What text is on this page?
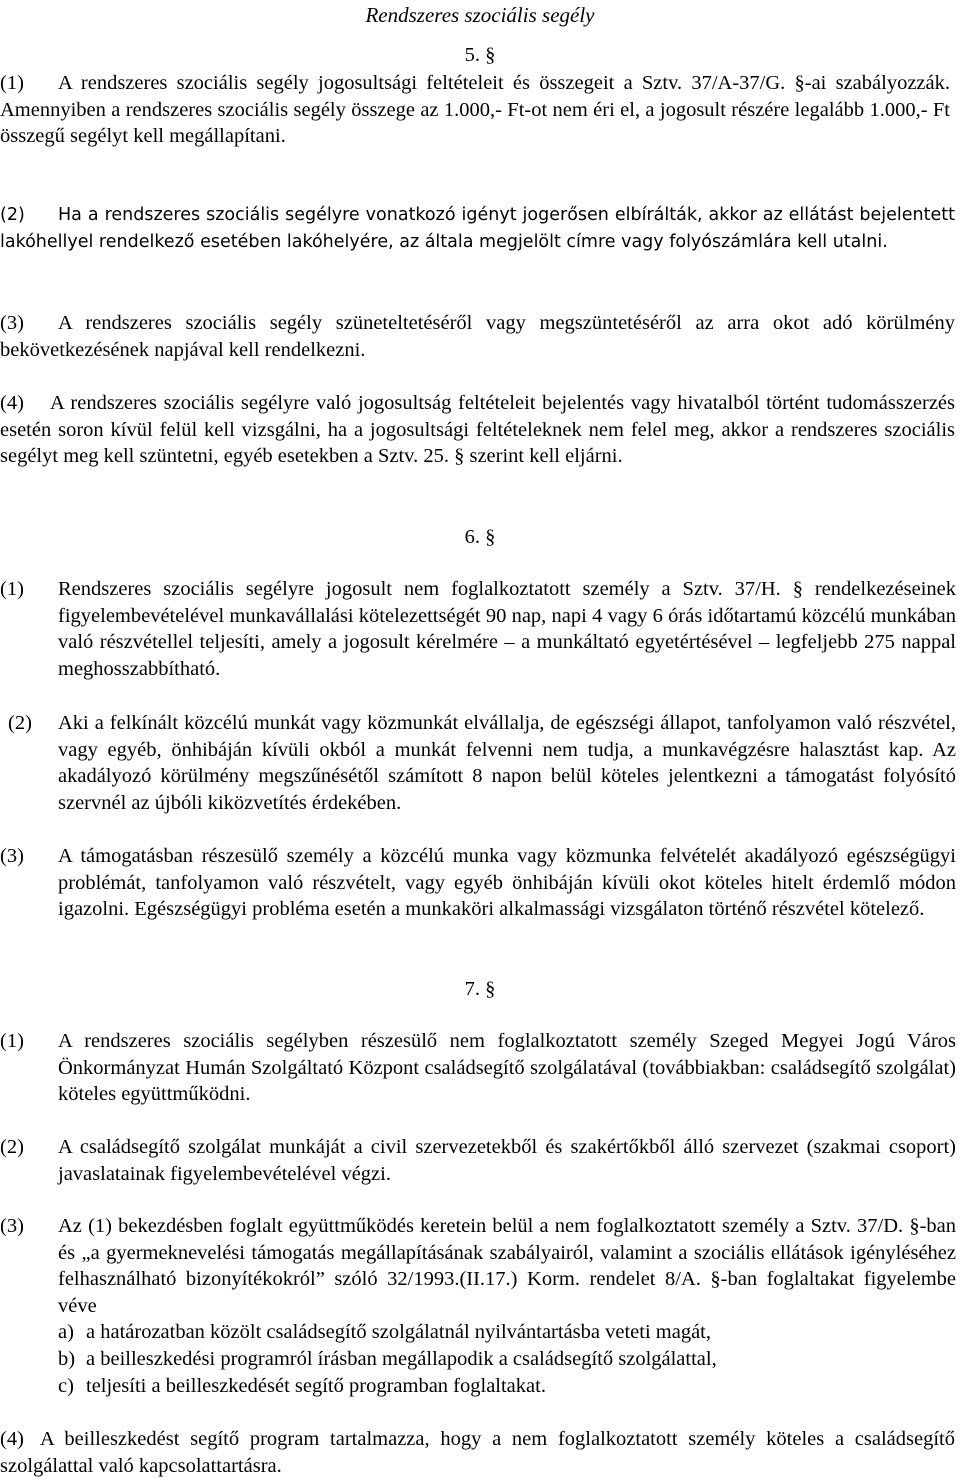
Rendszeres szociális segély
5. §
(1)	A rendszeres szociális segély jogosultsági feltételeit és összegeit a Sztv. 37/A-37/G. §-ai szabályozzák. Amennyiben a rendszeres szociális segély összege az 1.000,- Ft-ot nem éri el, a jogosult részére legalább 1.000,- Ft összegű segélyt kell megállapítani.
(2)	Ha a rendszeres szociális segélyre vonatkozó igényt jogerősen elbírálták, akkor az ellátást bejelentett lakóhellyel rendelkező esetében lakóhelyére, az általa megjelölt címre vagy folyószámlára kell utalni.
(3)	A rendszeres szociális segély szüneteltetéséről vagy megszüntetéséről az arra okot adó körülmény bekövetkezésének napjával kell rendelkezni.
(4)	A rendszeres szociális segélyre való jogosultság feltételeit bejelentés vagy hivatalból történt tudomásszerzés esetén soron kívül felül kell vizsgálni, ha a jogosultsági feltételeknek nem felel meg, akkor a rendszeres szociális segélyt meg kell szüntetni, egyéb esetekben a Sztv. 25. § szerint kell eljárni.
6. §
(1) Rendszeres szociális segélyre jogosult nem foglalkoztatott személy a Sztv. 37/H. § rendelkezéseinek figyelembevételével munkavállalási kötelezettségét 90 nap, napi 4 vagy 6 órás időtartamú közcélú munkában való részvétellel teljesíti, amely a jogosult kérelmére – a munkáltató egyetértésével – legfeljebb 275 nappal meghosszabbítható.
(2) Aki a felkínált közcélú munkát vagy közmunkát elvállalja, de egészségi állapot, tanfolyamon való részvétel, vagy egyéb, önhibáján kívüli okból a munkát felvenni nem tudja, a munkavégzésre halasztást kap. Az akadályozó körülmény megszűnésétől számított 8 napon belül köteles jelentkezni a támogatást folyósító szervnél az újbóli kiközvetítés érdekében.
(3) A támogatásban részesülő személy a közcélú munka vagy közmunka felvételét akadályozó egészségügyi problémát, tanfolyamon való részvételt, vagy egyéb önhibáján kívüli okot köteles hitelt érdemlő módon igazolni. Egészségügyi probléma esetén a munkaköri alkalmassági vizsgálaton történő részvétel kötelező.
7. §
(1) A rendszeres szociális segélyben részesülő nem foglalkoztatott személy Szeged Megyei Jogú Város Önkormányzat Humán Szolgáltató Központ családsegítő szolgálatával (továbbiakban: családsegítő szolgálat) köteles együttműködni.
(2) A családsegítő szolgálat munkáját a civil szervezetekből és szakértőkből álló szervezet (szakmai csoport) javaslatainak figyelembevételével végzi.
(3) Az (1) bekezdésben foglalt együttműködés keretein belül a nem foglalkoztatott személy a Sztv. 37/D. §-ban és „a gyermeknevelési támogatás megállapításának szabályairól, valamint a szociális ellátások igényléséhez felhasználható bizonyítékokról” szóló 32/1993.(II.17.) Korm. rendelet 8/A. §-ban foglaltakat figyelembe véve
a) a határozatban közölt családsegítő szolgálatnál nyilvántartásba veteti magát,
b) a beilleszkedési programról írásban megállapodik a családsegítő szolgálattal,
c) teljesíti a beilleszkedését segítő programban foglaltakat.
(4) A beilleszkedést segítő program tartalmazza, hogy a nem foglalkoztatott személy köteles a családsegítő szolgálattal való kapcsolattartásra.
